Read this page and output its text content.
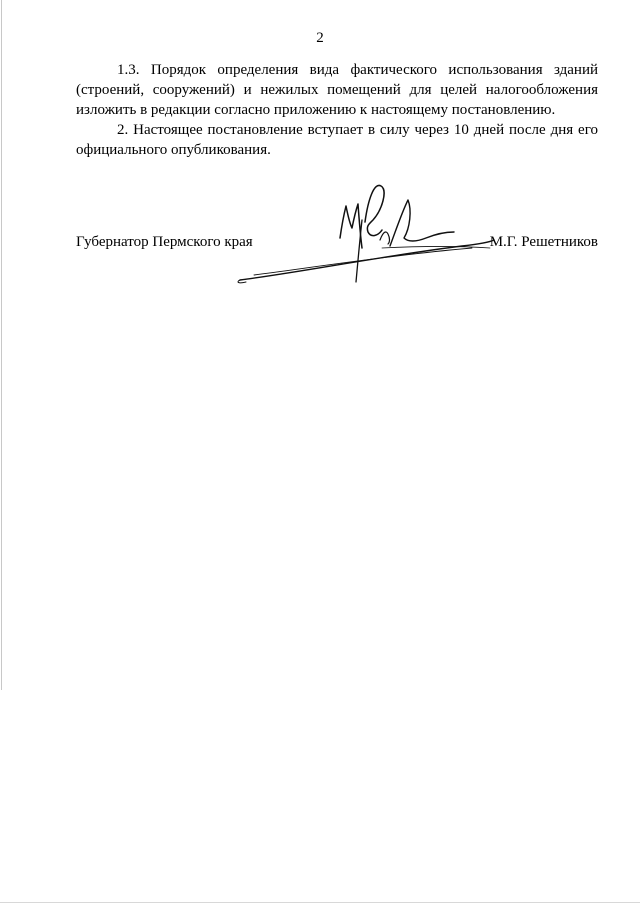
2

1.3. Порядок определения вида фактического использования зданий (строений, сооружений) и нежилых помещений для целей налогообложения изложить в редакции согласно приложению к настоящему постановлению.

2. Настоящее постановление вступает в силу через 10 дней после дня его официального опубликования.

Губернатор Пермского края	М.Г. Решетников
